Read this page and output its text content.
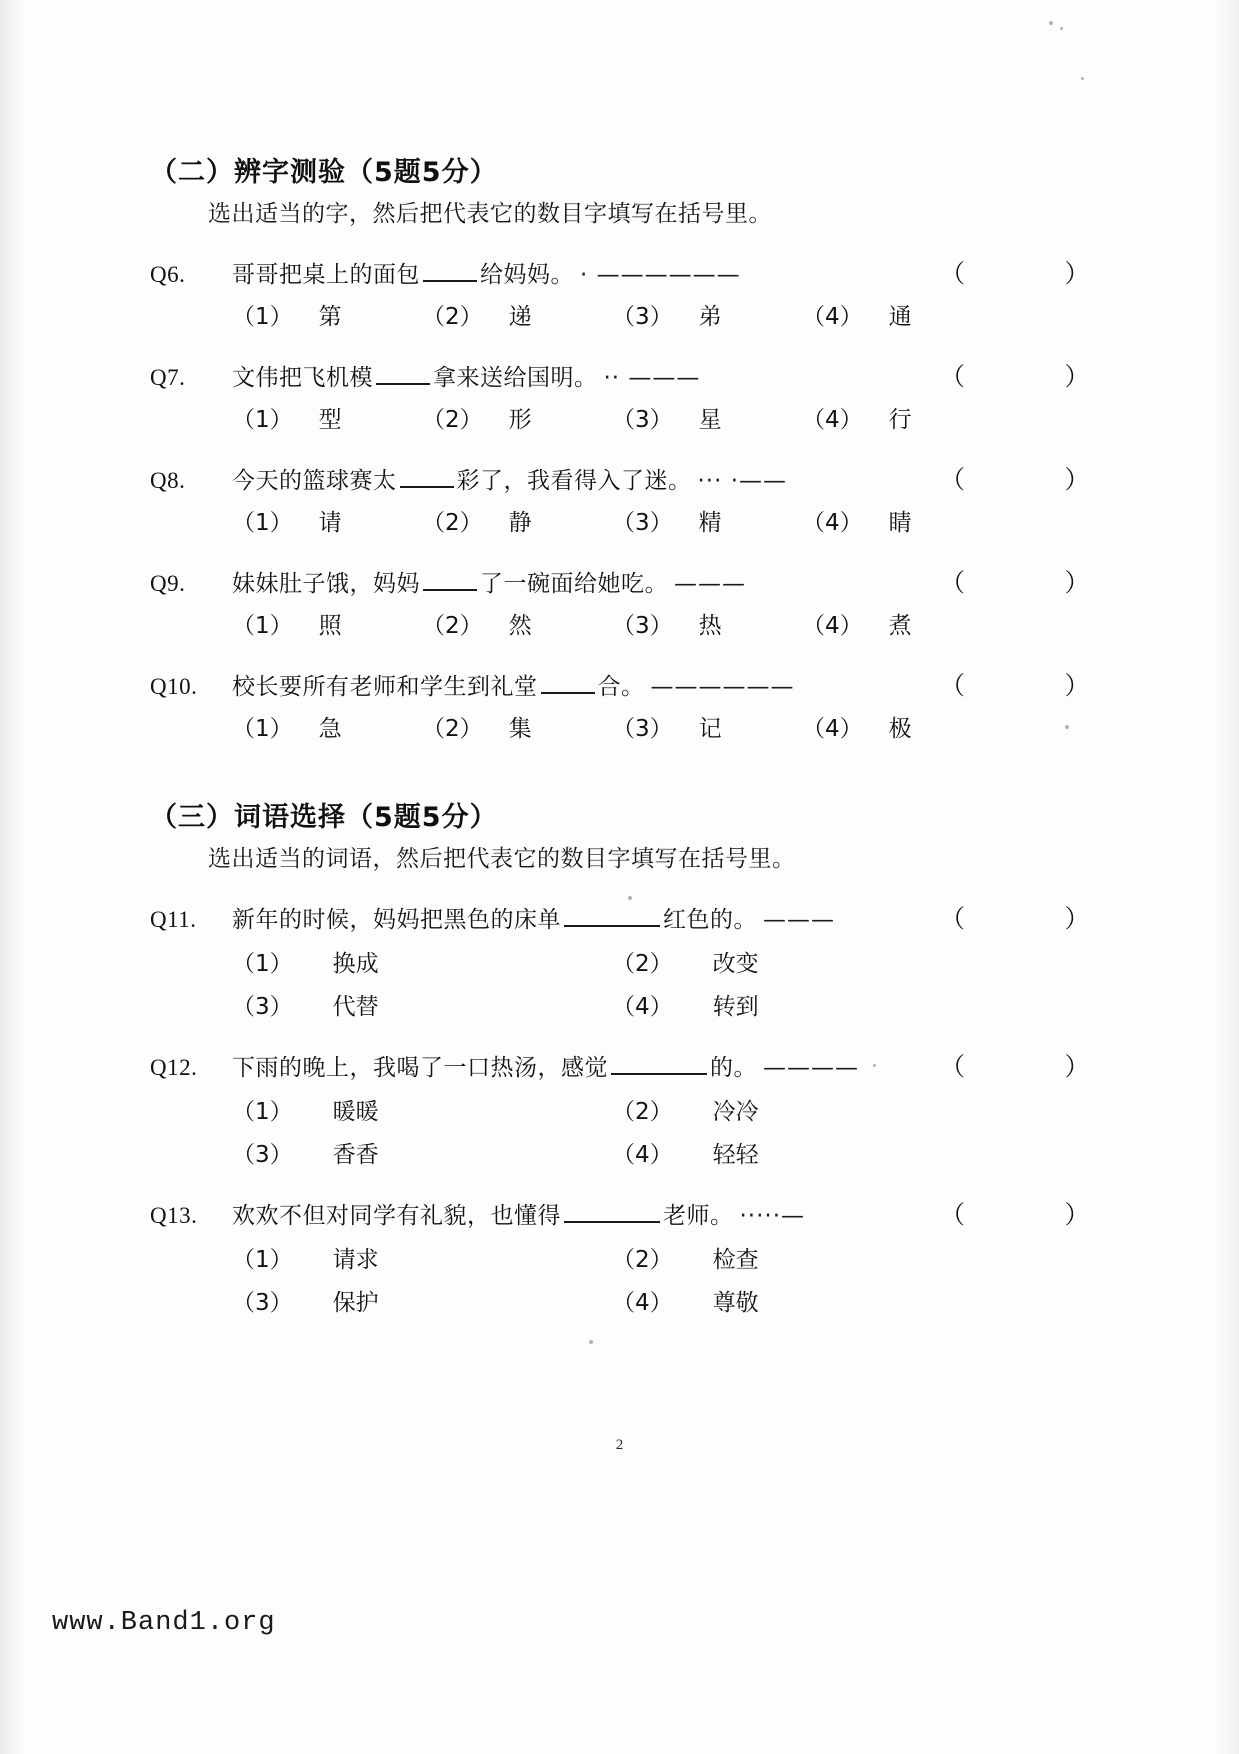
（二）辨字测验（5题5分）

选出适当的字，然后把代表它的数目字填写在括号里。

Q6.	哥哥把桌上的面包	给妈妈。 · ——————	（	）
（1） 第	（2） 递	（3） 弟	（4） 通
Q7.	文伟把飞机模	拿来送给国明。 ·· ———	（	）
（1） 型	（2） 形	（3） 星	（4） 行
Q8.	今天的篮球赛太	彩了，我看得入了迷。 ··· ·——	（	）
（1） 请	（2） 静	（3） 精	（4） 睛
Q9.	妹妹肚子饿，妈妈	了一碗面给她吃。 ———	（	）
（1） 照	（2） 然	（3） 热	（4） 煮
Q10.	校长要所有老师和学生到礼堂	合。 ——————	（	）
（1） 急	（2） 集	（3） 记	（4） 极
（三）词语选择（5题5分）

选出适当的词语，然后把代表它的数目字填写在括号里。

Q11.	新年的时候，妈妈把黑色的床单	红色的。 ———	（	）
（1） 换成	（2） 改变
（3） 代替	（4） 转到
Q12.	下雨的晚上，我喝了一口热汤，感觉	的。 ————	（	）
（1） 暖暖	（2） 冷冷
（3） 香香	（4） 轻轻
Q13.	欢欢不但对同学有礼貌，也懂得	老师。 ·····—	（	）
（1） 请求	（2） 检查
（3） 保护	（4） 尊敬
2
www.Band1.org
